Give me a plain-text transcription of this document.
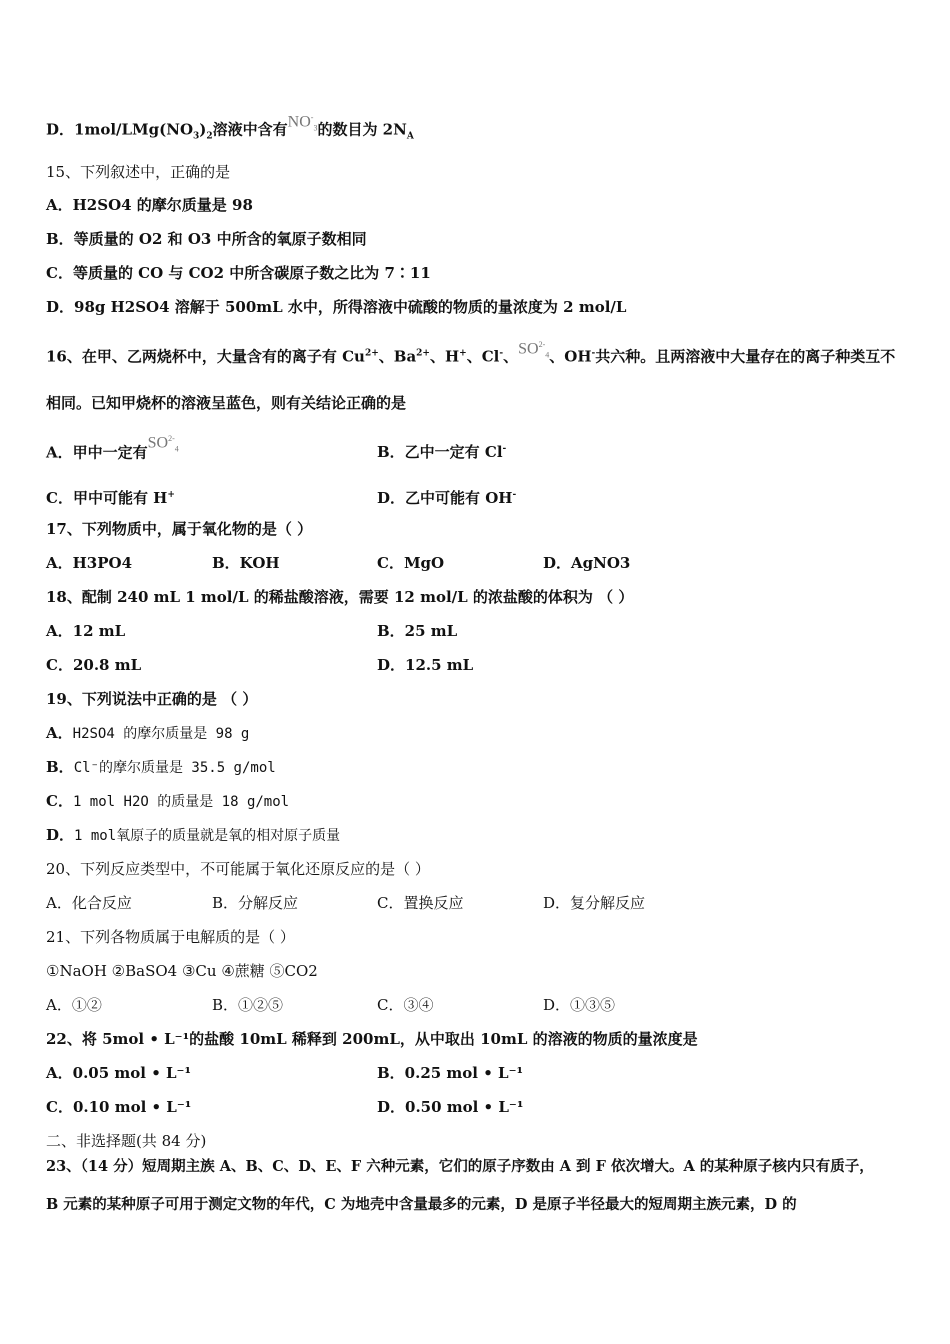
D．$1mol/LMg(NO_3)_2$溶液中含有$NO^-_3$的数目为 $2N_A$
15、下列叙述中，正确的是
A．H2SO4 的摩尔质量是 98
B．等质量的 O2 和 O3 中所含的氧原子数相同
C．等质量的 CO 与 CO2 中所含碳原子数之比为 7∶11
D．98g H2SO4 溶解于 500mL 水中，所得溶液中硫酸的物质的量浓度为 2 mol/L
16、在甲、乙两烧杯中，大量含有的离子有 $Cu^{2+}$、$Ba^{2+}$、H+、Cl-、$SO^{2-}_4$、OH-共六种。且两溶液中大量存在的离子种类互不
相同。已知甲烧杯的溶液呈蓝色，则有关结论正确的是
A．甲中一定有$SO^{2-}_4$	B．乙中一定有 Cl-
C．甲中可能有 H+	D．乙中可能有 OH-
17、下列物质中，属于氧化物的是（ ）
A．H3PO4	B．KOH	C．MgO	D．AgNO3
18、配制 240 mL 1 mol/L 的稀盐酸溶液，需要 12 mol/L 的浓盐酸的体积为 （ ）
A．12 mL	B．25 mL
C．20.8 mL	D．12.5 mL
19、下列说法中正确的是 （ ）
A．H2SO4 的摩尔质量是 98 g
B．Cl⁻的摩尔质量是 35.5 g/mol
C．1 mol H2O 的质量是 18 g/mol
D．1 mol氧原子的质量就是氧的相对原子质量
20、下列反应类型中，不可能属于氧化还原反应的是（ ）
A．化合反应	B．分解反应	C．置换反应	D．复分解反应
21、下列各物质属于电解质的是（ ）
①NaOH ②BaSO4 ③Cu ④蔗糖 ⑤CO2
A．①②	B．①②⑤	C．③④	D．①③⑤
22、将 5mol • L⁻¹的盐酸 10mL 稀释到 200mL，从中取出 10mL 的溶液的物质的量浓度是
A．0.05 mol • L⁻¹	B．0.25 mol • L⁻¹
C．0.10 mol • L⁻¹	D．0.50 mol • L⁻¹
二、非选择题(共 84 分)
23、（14 分）短周期主族 A、B、C、D、E、F 六种元素，它们的原子序数由 A 到 F 依次增大。A 的某种原子核内只有质子，
B 元素的某种原子可用于测定文物的年代，C 为地壳中含量最多的元素，D 是原子半径最大的短周期主族元素，D 的
